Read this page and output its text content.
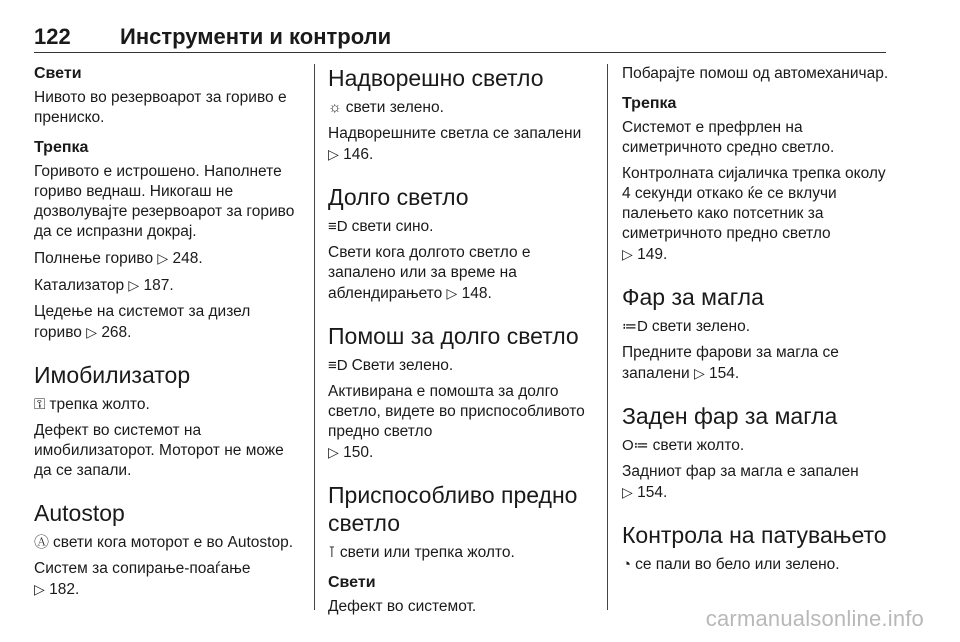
122 Инструменти и контроли
Свети
Нивото во резервоарот за гориво е прениско.
Трепка
Горивото е истрошено. Наполнете гориво веднаш. Никогаш не дозволувајте резервоарот за гориво да се испразни докрај.
Полнење гориво ▷ 248.
Катализатор ▷ 187.
Цедење на системот за дизел гориво ▷ 268.
Имобилизатор
⚿ трепка жолто.
Дефект во системот на имобилизаторот. Моторот не може да се запали.
Autostop
Ⓐ свети кога моторот е во Autostop.
Систем за сопирање-поаѓање
▷ 182.
Надворешно светло
☼ свети зелено.
Надворешните светла се запалени ▷ 146.
Долго светло
≡D свети сино.
Свети кога долгото светло е запалено или за време на аблендирањето ▷ 148.
Помош за долго светло
≡D Свети зелено.
Активирана е помошта за долго светло, видете во приспособливото предно светло
▷ 150.
Приспособливо предно светло
⊺ свети или трепка жолто.
Свети
Дефект во системот.
Побарајте помош од автомеханичар.
Трепка
Системот е префрлен на симетричното средно светло.
Контролната сијаличка трепка околу 4 секунди откако ќе се вклучи палењето како потсетник за симетричното предно светло
▷ 149.
Фар за магла
≔D свети зелено.
Предните фарови за магла се запалени ▷ 154.
Заден фар за магла
O≔ свети жолто.
Задниот фар за магла е запален
▷ 154.
Контрола на патувањето
◔ се пали во бело или зелено.
carmanualsonline.info
